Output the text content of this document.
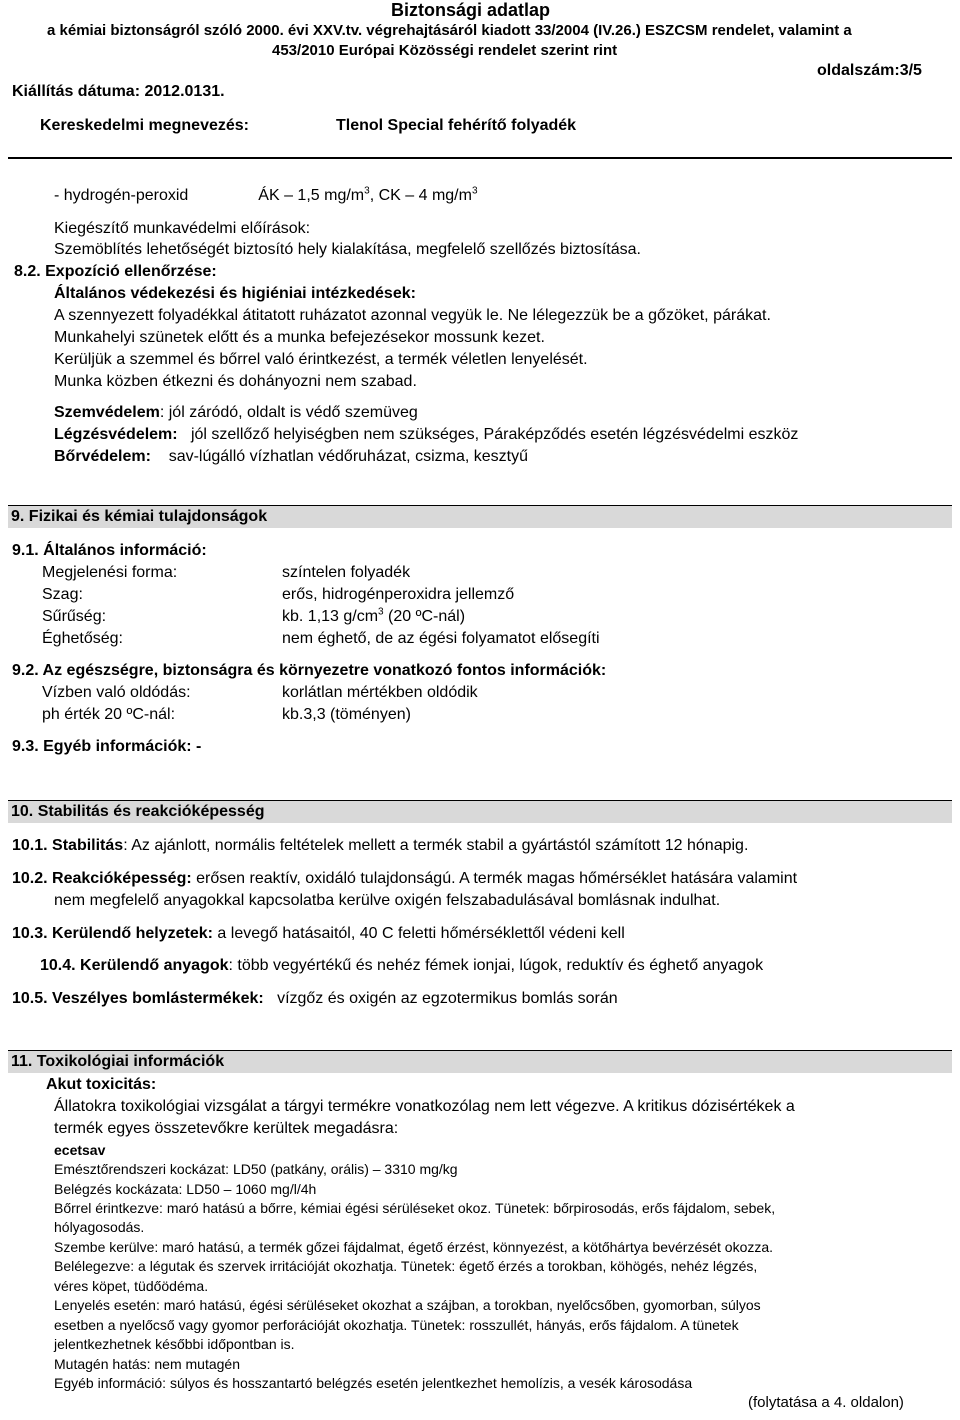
Biztonsági adatlap
a kémiai biztonságról szóló 2000. évi XXV.tv. végrehajtásáról kiadott 33/2004 (IV.26.) ESZCSM rendelet, valamint a
453/2010 Európai Közösségi rendelet szerint rint
oldalszám:3/5
Kiállítás dátuma: 2012.0131.
Kereskedelmi megnevezés:	Tlenol Special fehérítő folyadék
- hydrogén-peroxid	ÁK – 1,5 $mg/m^3$, CK – 4 $mg/m^3$
Kiegészítő munkavédelmi előírások:
Szemöblítés lehetőségét biztosító hely kialakítása, megfelelő szellőzés biztosítása.
8.2. Expozíció ellenőrzése:
Általános védekezési és higiéniai intézkedések:
A szennyezett folyadékkal átitatott ruházatot azonnal vegyük le. Ne lélegezzük be a gőzöket, párákat.
Munkahelyi szünetek előtt és a munka befejezésekor mossunk kezet.
Kerüljük a szemmel és bőrrel való érintkezést, a termék véletlen lenyelését.
Munka közben étkezni és dohányozni nem szabad.
Szemvédelem: jól záródó, oldalt is védő szemüveg
Légzésvédelem: jól szellőző helyiségben nem szükséges, Páraképződés esetén légzésvédelmi eszköz
Bőrvédelem: sav-lúgálló vízhatlan védőruházat, csizma, kesztyű
9. Fizikai és kémiai tulajdonságok
9.1. Általános információ:
Megjelenési forma:	színtelen folyadék
Szag:	erős, hidrogénperoxidra jellemző
Sűrűség:	kb. 1,13 $g/cm^3$ (20 ºC-nál)
Éghetőség:	nem éghető, de az égési folyamatot elősegíti
9.2. Az egészségre, biztonságra és környezetre vonatkozó fontos információk:
Vízben való oldódás:	korlátlan mértékben oldódik
ph érték 20 ºC-nál:	kb.3,3 (töményen)
9.3. Egyéb információk: -
10. Stabilitás és reakcióképesség
10.1. Stabilitás: Az ajánlott, normális feltételek mellett a termék stabil a gyártástól számított 12 hónapig.
10.2. Reakcióképesség: erősen reaktív, oxidáló tulajdonságú. A termék magas hőmérséklet hatására valamint
nem megfelelő anyagokkal kapcsolatba kerülve oxigén felszabadulásával bomlásnak indulhat.
10.3. Kerülendő helyzetek: a levegő hatásaitól, 40 C feletti hőmérséklettől védeni kell
10.4. Kerülendő anyagok: több vegyértékű és nehéz fémek ionjai, lúgok, reduktív és éghető anyagok
10.5. Veszélyes bomlástermékek: vízgőz és oxigén az egzotermikus bomlás során
11. Toxikológiai információk
Akut toxicitás:
Állatokra toxikológiai vizsgálat a tárgyi termékre vonatkozólag nem lett végezve. A kritikus dózisértékek a
termék egyes összetevőkre kerültek megadásra:
ecetsav
Emésztőrendszeri kockázat: LD50 (patkány, orális) – 3310 mg/kg
Belégzés kockázata: LD50 – 1060 mg/l/4h
Bőrrel érintkezve: maró hatású a bőrre, kémiai égési sérüléseket okoz. Tünetek: bőrpirosodás, erős fájdalom, sebek,
hólyagosodás.
Szembe kerülve: maró hatású, a termék gőzei fájdalmat, égető érzést, könnyezést, a kötőhártya bevérzését okozza.
Belélegezve: a légutak és szervek irritációját okozhatja. Tünetek: égető érzés a torokban, köhögés, nehéz légzés,
véres köpet, tüdőödéma.
Lenyelés esetén: maró hatású, égési sérüléseket okozhat a szájban, a torokban, nyelőcsőben, gyomorban, súlyos
esetben a nyelőcső vagy gyomor perforációját okozhatja. Tünetek: rosszullét, hányás, erős fájdalom. A tünetek
jelentkezhetnek későbbi időpontban is.
Mutagén hatás: nem mutagén
Egyéb információ: súlyos és hosszantartó belégzés esetén jelentkezhet hemolízis, a vesék károsodása
(folytatása a 4. oldalon)
